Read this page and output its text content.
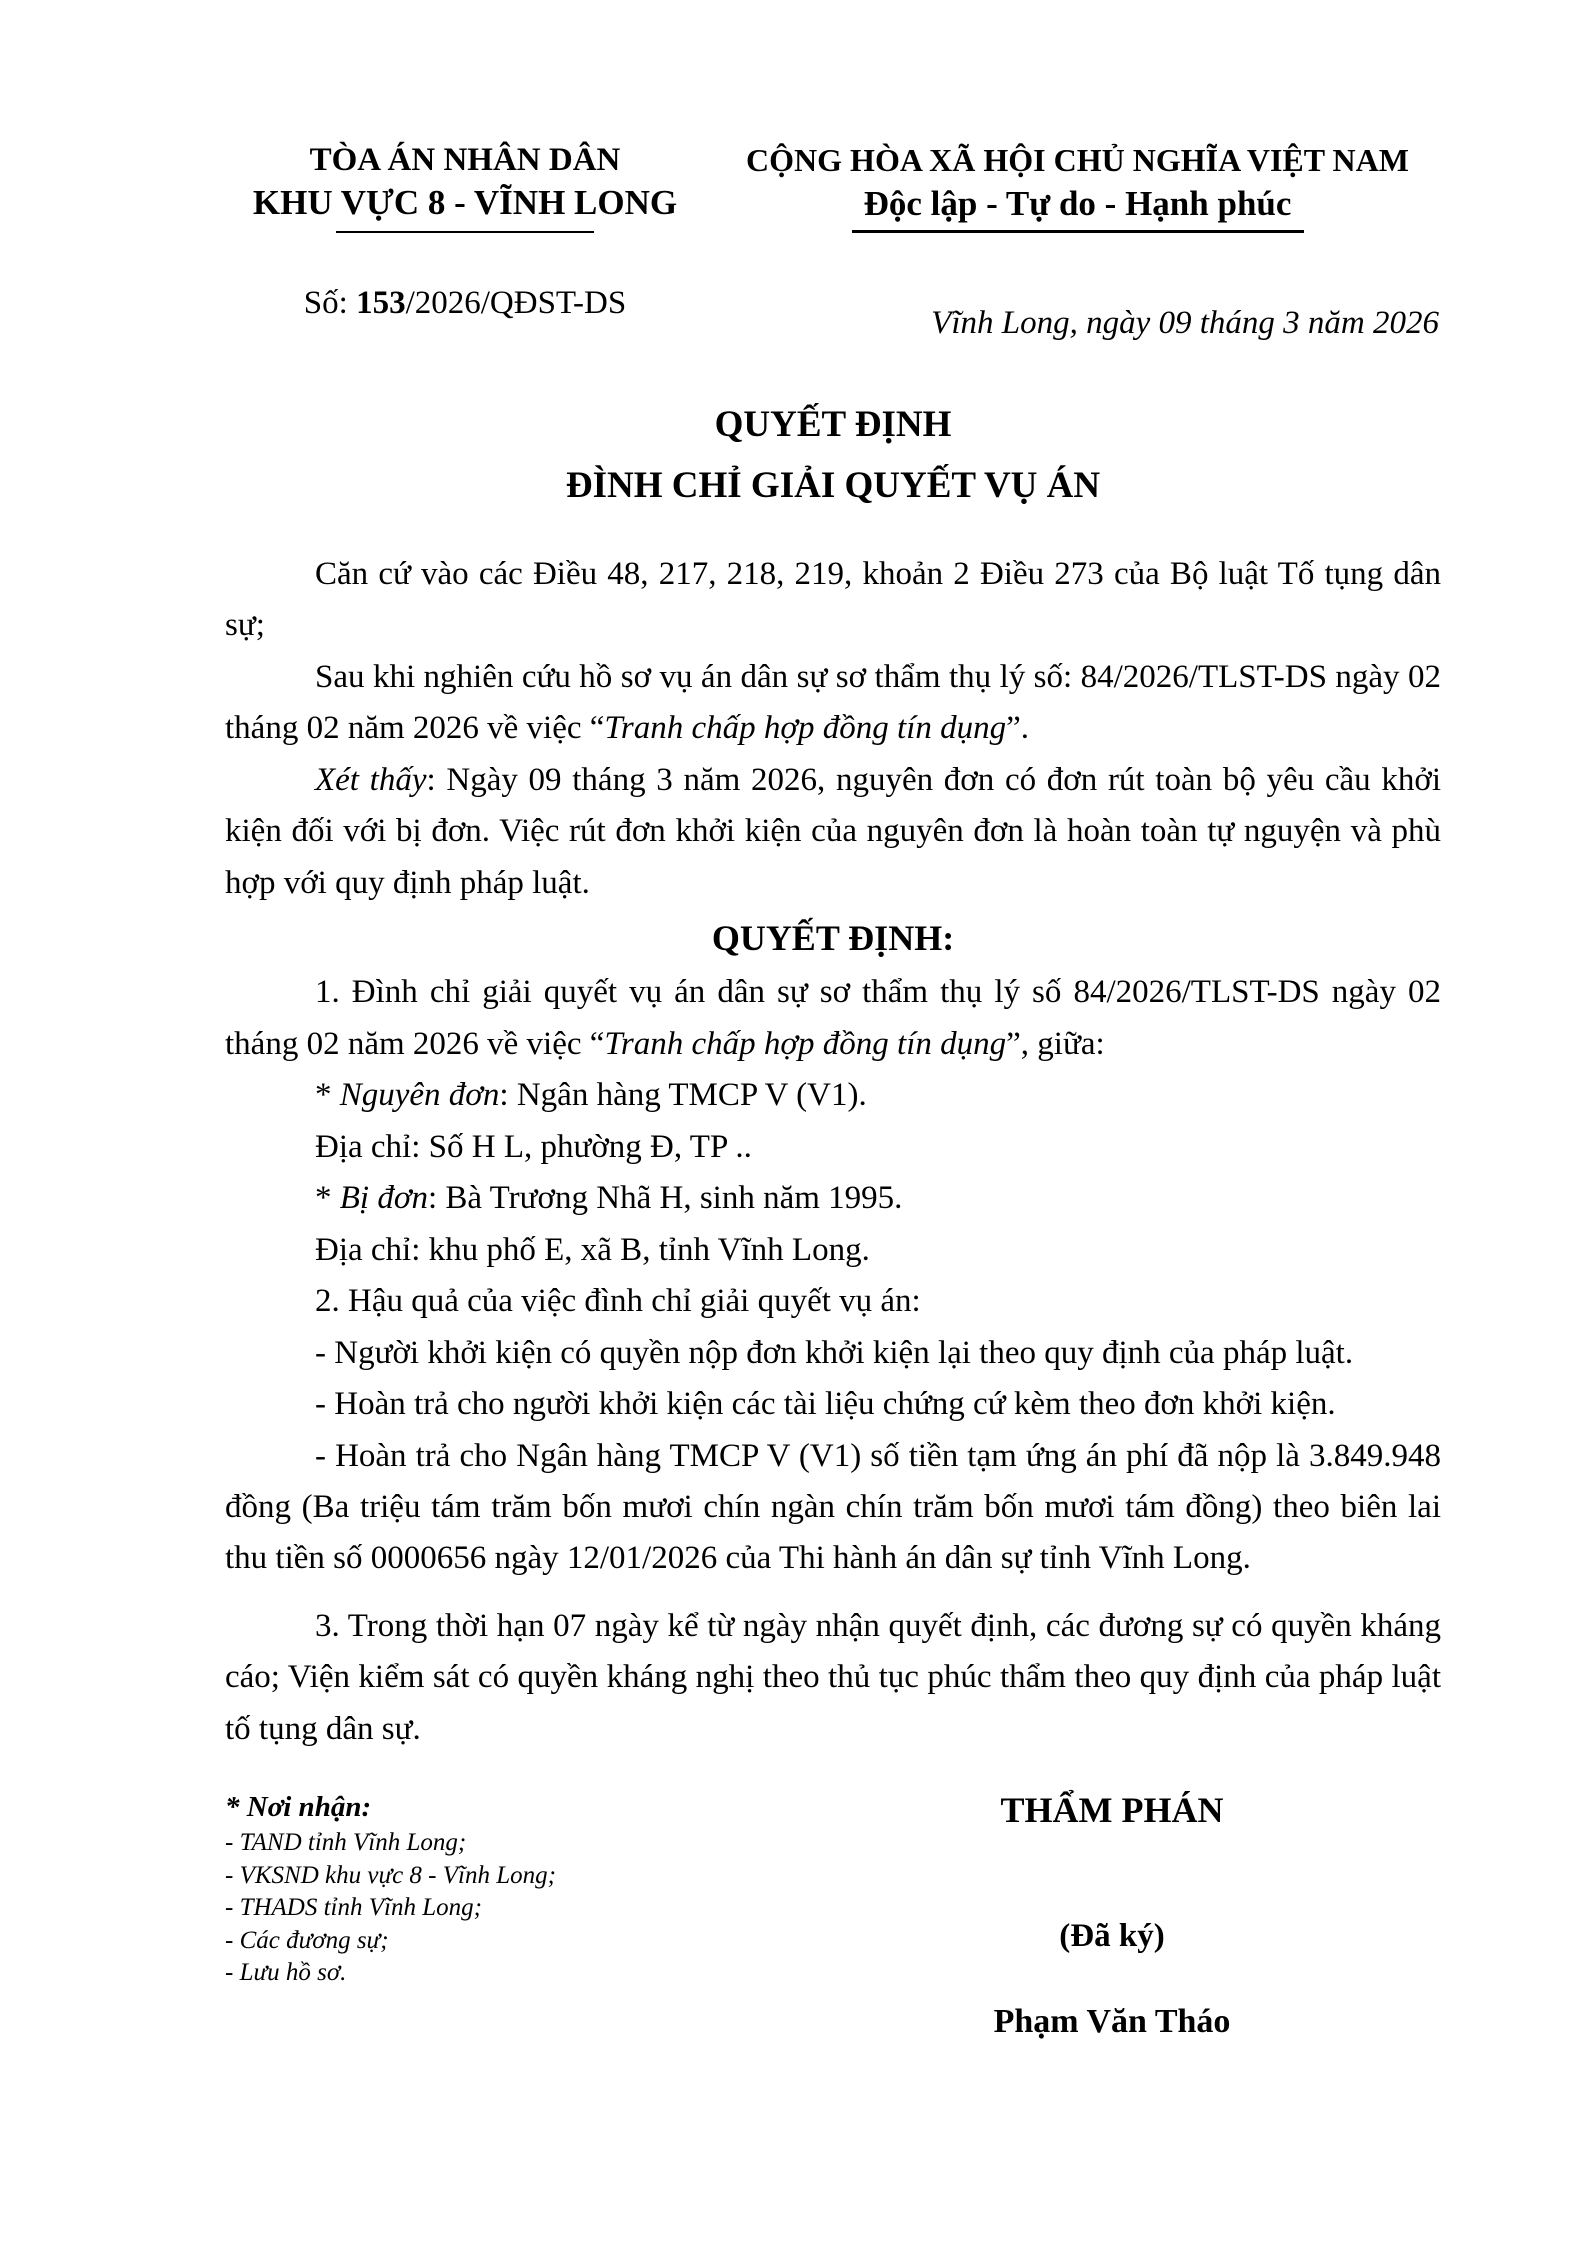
TÒA ÁN NHÂN DÂN
KHU VỰC 8 - VĨNH LONG
CỘNG HÒA XÃ HỘI CHỦ NGHĨA VIỆT NAM
Độc lập - Tự do - Hạnh phúc
Số: 153/2026/QĐST-DS
Vĩnh Long, ngày 09 tháng 3 năm 2026
QUYẾT ĐỊNH
ĐÌNH CHỈ GIẢI QUYẾT VỤ ÁN

Căn cứ vào các Điều 48, 217, 218, 219, khoản 2 Điều 273 của Bộ luật Tố tụng dân sự;

Sau khi nghiên cứu hồ sơ vụ án dân sự sơ thẩm thụ lý số: 84/2026/TLST-DS ngày 02 tháng 02 năm 2026 về việc “Tranh chấp hợp đồng tín dụng”.

Xét thấy: Ngày 09 tháng 3 năm 2026, nguyên đơn có đơn rút toàn bộ yêu cầu khởi kiện đối với bị đơn. Việc rút đơn khởi kiện của nguyên đơn là hoàn toàn tự nguyện và phù hợp với quy định pháp luật.

QUYẾT ĐỊNH:

1. Đình chỉ giải quyết vụ án dân sự sơ thẩm thụ lý số 84/2026/TLST-DS ngày 02 tháng 02 năm 2026 về việc “Tranh chấp hợp đồng tín dụng”, giữa:

* Nguyên đơn: Ngân hàng TMCP V (V1).

Địa chỉ: Số H L, phường Đ, TP ..

* Bị đơn: Bà Trương Nhã H, sinh năm 1995.

Địa chỉ: khu phố E, xã B, tỉnh Vĩnh Long.

2. Hậu quả của việc đình chỉ giải quyết vụ án:

- Người khởi kiện có quyền nộp đơn khởi kiện lại theo quy định của pháp luật.

- Hoàn trả cho người khởi kiện các tài liệu chứng cứ kèm theo đơn khởi kiện.

- Hoàn trả cho Ngân hàng TMCP V (V1) số tiền tạm ứng án phí đã nộp là 3.849.948 đồng (Ba triệu tám trăm bốn mươi chín ngàn chín trăm bốn mươi tám đồng) theo biên lai thu tiền số 0000656 ngày 12/01/2026 của Thi hành án dân sự tỉnh Vĩnh Long.

3. Trong thời hạn 07 ngày kể từ ngày nhận quyết định, các đương sự có quyền kháng cáo; Viện kiểm sát có quyền kháng nghị theo thủ tục phúc thẩm theo quy định của pháp luật tố tụng dân sự.

* Nơi nhận:
- TAND tỉnh Vĩnh Long;
- VKSND khu vực 8 - Vĩnh Long;
- THADS tỉnh Vĩnh Long;
- Các đương sự;
- Lưu hồ sơ.
THẨM PHÁN
(Đã ký)
Phạm Văn Tháo
